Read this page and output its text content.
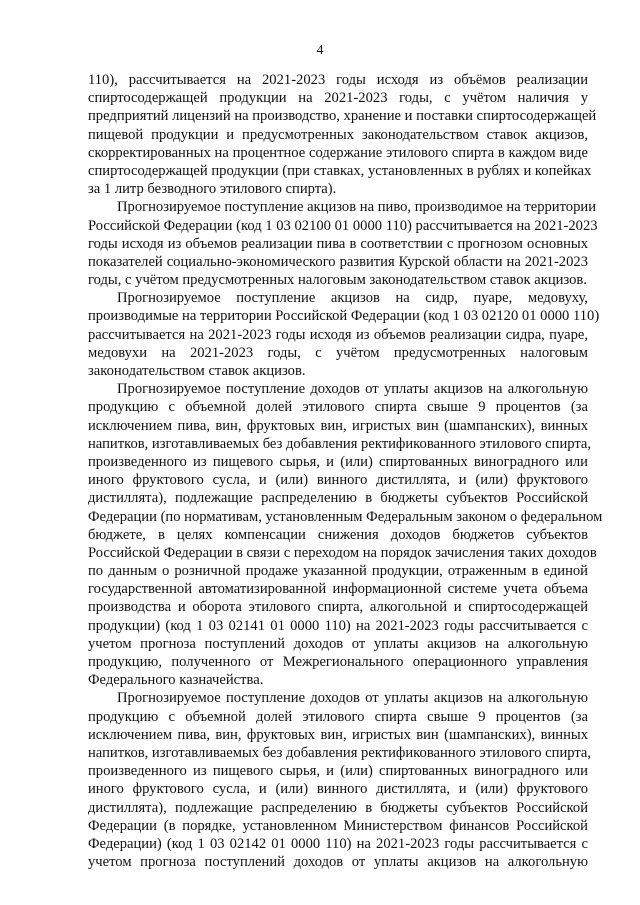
4

110), рассчитывается на 2021-2023 годы исходя из объёмов реализации
спиртосодержащей продукции на 2021-2023 годы, с учётом наличия у
предприятий лицензий на производство, хранение и поставки спиртосодержащей
пищевой продукции и предусмотренных законодательством ставок акцизов,
скорректированных на процентное содержание этилового спирта в каждом виде
спиртосодержащей продукции (при ставках, установленных в рублях и копейках
за 1 литр безводного этилового спирта).

Прогнозируемое поступление акцизов на пиво, производимое на территории
Российской Федерации (код 1 03 02100 01 0000 110) рассчитывается на 2021-2023
годы исходя из объемов реализации пива в соответствии с прогнозом основных
показателей социально-экономического развития Курской области на 2021-2023
годы, с учётом предусмотренных налоговым законодательством ставок акцизов.

Прогнозируемое поступление акцизов на сидр, пуаре, медовуху,
производимые на территории Российской Федерации (код 1 03 02120 01 0000 110)
рассчитывается на 2021-2023 годы исходя из объемов реализации сидра, пуаре,
медовухи на 2021-2023 годы, с учётом предусмотренных налоговым
законодательством ставок акцизов.

Прогнозируемое поступление доходов от уплаты акцизов на алкогольную
продукцию с объемной долей этилового спирта свыше 9 процентов (за
исключением пива, вин, фруктовых вин, игристых вин (шампанских), винных
напитков, изготавливаемых без добавления ректификованного этилового спирта,
произведенного из пищевого сырья, и (или) спиртованных виноградного или
иного фруктового сусла, и (или) винного дистиллята, и (или) фруктового
дистиллята), подлежащие распределению в бюджеты субъектов Российской
Федерации (по нормативам, установленным Федеральным законом о федеральном
бюджете, в целях компенсации снижения доходов бюджетов субъектов
Российской Федерации в связи с переходом на порядок зачисления таких доходов
по данным о розничной продаже указанной продукции, отраженным в единой
государственной автоматизированной информационной системе учета объема
производства и оборота этилового спирта, алкогольной и спиртосодержащей
продукции) (код 1 03 02141 01 0000 110) на 2021-2023 годы рассчитывается с
учетом прогноза поступлений доходов от уплаты акцизов на алкогольную
продукцию, полученного от Межрегионального операционного управления
Федерального казначейства.

Прогнозируемое поступление доходов от уплаты акцизов на алкогольную
продукцию с объемной долей этилового спирта свыше 9 процентов (за
исключением пива, вин, фруктовых вин, игристых вин (шампанских), винных
напитков, изготавливаемых без добавления ректификованного этилового спирта,
произведенного из пищевого сырья, и (или) спиртованных виноградного или
иного фруктового сусла, и (или) винного дистиллята, и (или) фруктового
дистиллята), подлежащие распределению в бюджеты субъектов Российской
Федерации (в порядке, установленном Министерством финансов Российской
Федерации) (код 1 03 02142 01 0000 110) на 2021-2023 годы рассчитывается с
учетом прогноза поступлений доходов от уплаты акцизов на алкогольную
